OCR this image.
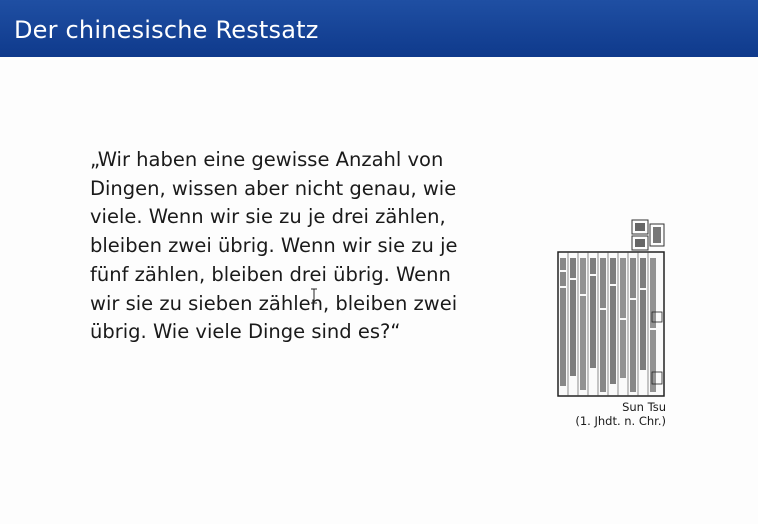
Der chinesische Restsatz

„Wir haben eine gewisse Anzahl von Dingen, wissen aber nicht genau, wie viele. Wenn wir sie zu je drei zählen, bleiben zwei übrig. Wenn wir sie zu je fünf zählen, bleiben drei übrig. Wenn wir sie zu sieben zählen, bleiben zwei übrig. Wie viele Dinge sind es?“

Sun Tsu
(1. Jhdt. n. Chr.)
